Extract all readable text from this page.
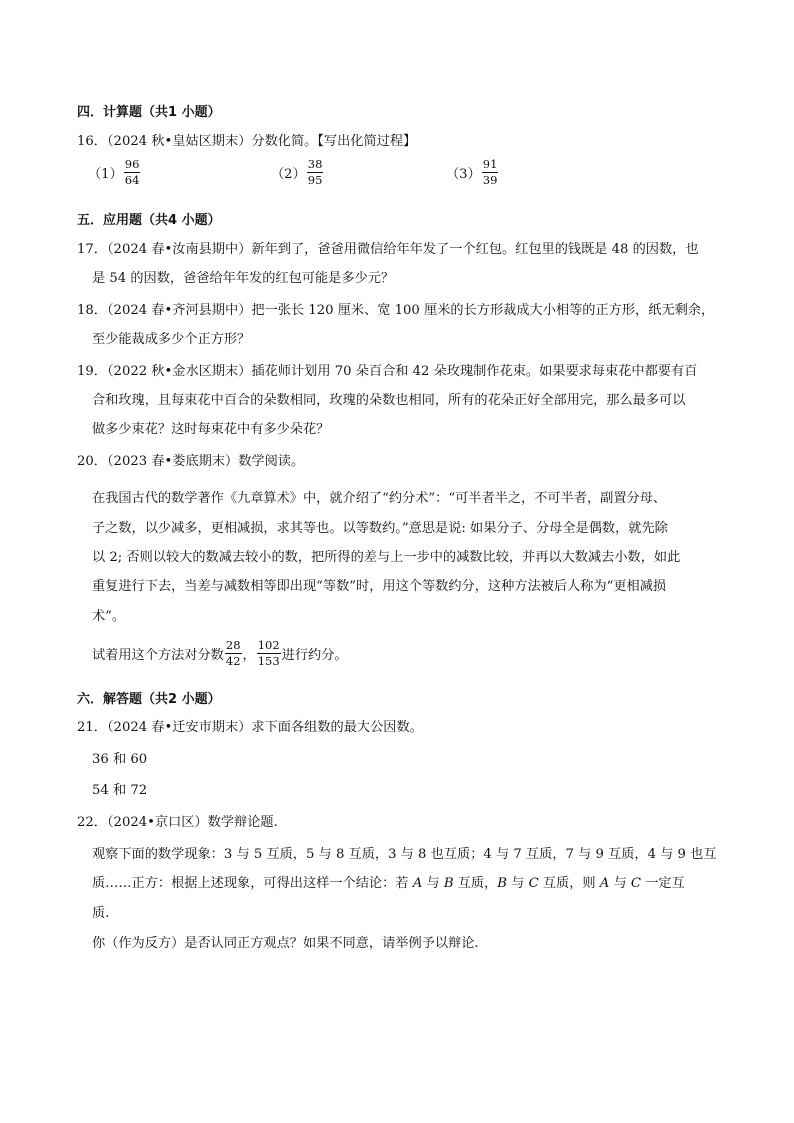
四．计算题（共1 小题）
16．（2024 秋•皇姑区期末）分数化简。【写出化简过程】
$(1) \frac{96}{64}$	$(2) \frac{38}{95}$	$(3) \frac{91}{39}$
五．应用题（共4 小题）
17．（2024 春•汝南县期中）新年到了，爸爸用微信给年年发了一个红包。红包里的钱既是 48 的因数，也
是 54 的因数，爸爸给年年发的红包可能是多少元？
18．（2024 春•齐河县期中）把一张长 120 厘米、宽 100 厘米的长方形裁成大小相等的正方形，纸无剩余，
至少能裁成多少个正方形？
19．（2022 秋•金水区期末）插花师计划用 70 朵百合和 42 朵玫瑰制作花束。如果要求每束花中都要有百
合和玫瑰，且每束花中百合的朵数相同，玫瑰的朵数也相同，所有的花朵正好全部用完，那么最多可以
做多少束花？这时每束花中有多少朵花？
20．（2023 春•娄底期末）数学阅读。
在我国古代的数学著作《九章算术》中，就介绍了“约分术”：“可半者半之，不可半者，副置分母、
子之数，以少减多，更相减损，求其等也。以等数约。”意思是说: 如果分子、分母全是偶数，就先除
以 2; 否则以较大的数减去较小的数，把所得的差与上一步中的减数比较，并再以大数减去小数，如此
重复进行下去，当差与减数相等即出现“等数”时，用这个等数约分，这种方法被后人称为“更相减损
术”。
试着用这个方法对分数 $\frac{28}{42}$ ， $\frac{102}{153}$ 进行约分。
六．解答题（共2 小题）
21．（2024 春•迁安市期末）求下面各组数的最大公因数。
36 和 60
54 和 72
22．（2024•京口区）数学辩论题.
观察下面的数学现象：3 与 5 互质，5 与 8 互质，3 与 8 也互质；4 与 7 互质，7 与 9 互质，4 与 9 也互
质……正方：根据上述现象，可得出这样一个结论：若 A 与 B 互质，B 与 C 互质，则 A 与 C 一定互
质.
你（作为反方）是否认同正方观点？如果不同意，请举例予以辩论.
